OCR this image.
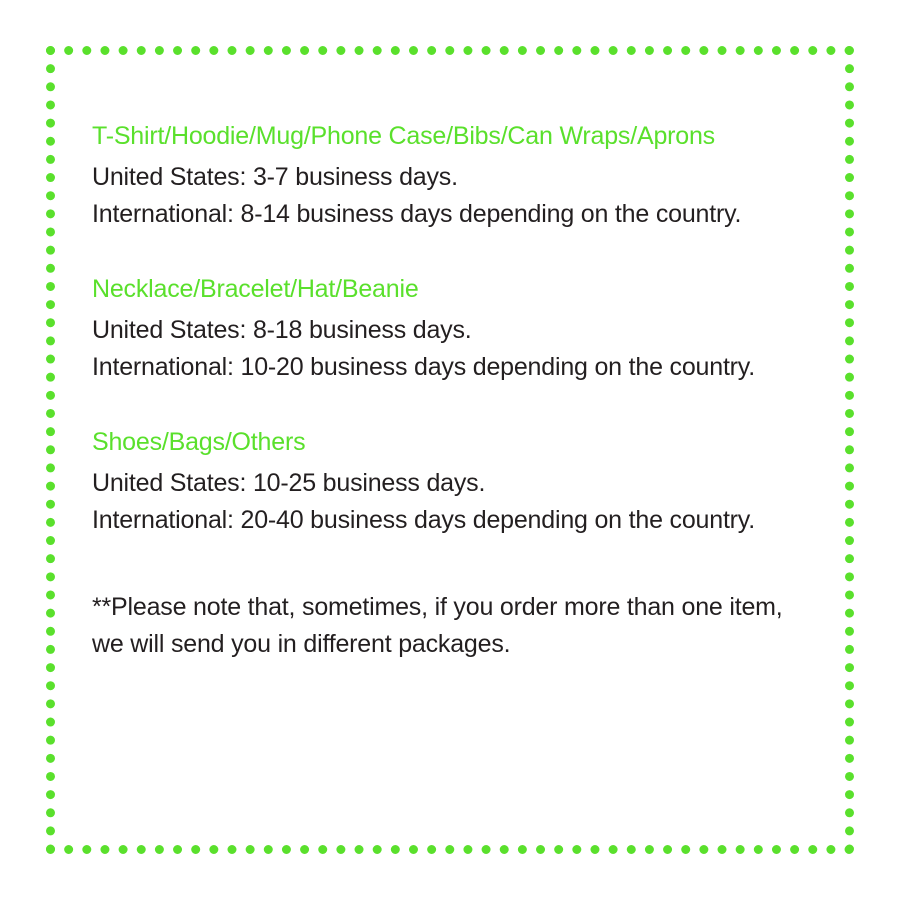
T-Shirt/Hoodie/Mug/Phone Case/Bibs/Can Wraps/Aprons

United States: 3-7 business days.

International: 8-14 business days depending on the country.

Necklace/Bracelet/Hat/Beanie

United States: 8-18 business days.

International: 10-20 business days depending on the country.

Shoes/Bags/Others

United States: 10-25 business days.

International: 20-40 business days depending on the country.

**Please note that, sometimes, if you order more than one item, we will send you in different packages.
